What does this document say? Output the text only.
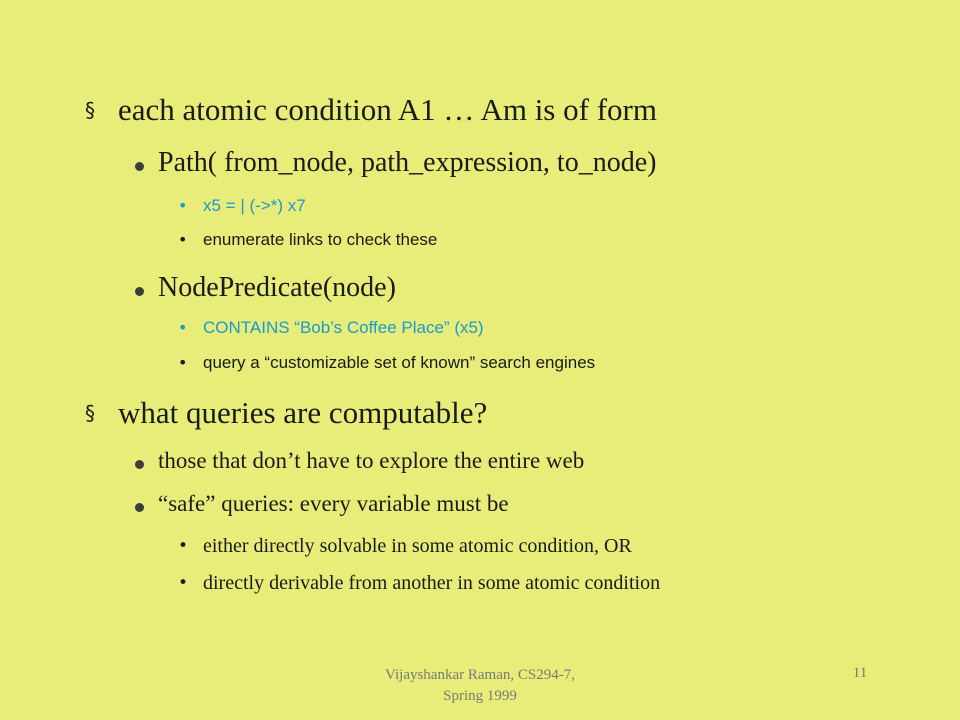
§ each atomic condition A1 … Am is of form
Path( from_node, path_expression, to_node)
• x5 = | (->*) x7
• enumerate links to check these
NodePredicate(node)
• CONTAINS “Bob’s Coffee Place” (x5)
• query a “customizable set of known” search engines
§ what queries are computable?
those that don’t have to explore the entire web
“safe” queries: every variable must be
• either directly solvable in some atomic condition, OR
• directly derivable from another in some atomic condition
Vijayshankar Raman, CS294-7,
Spring 1999
11
